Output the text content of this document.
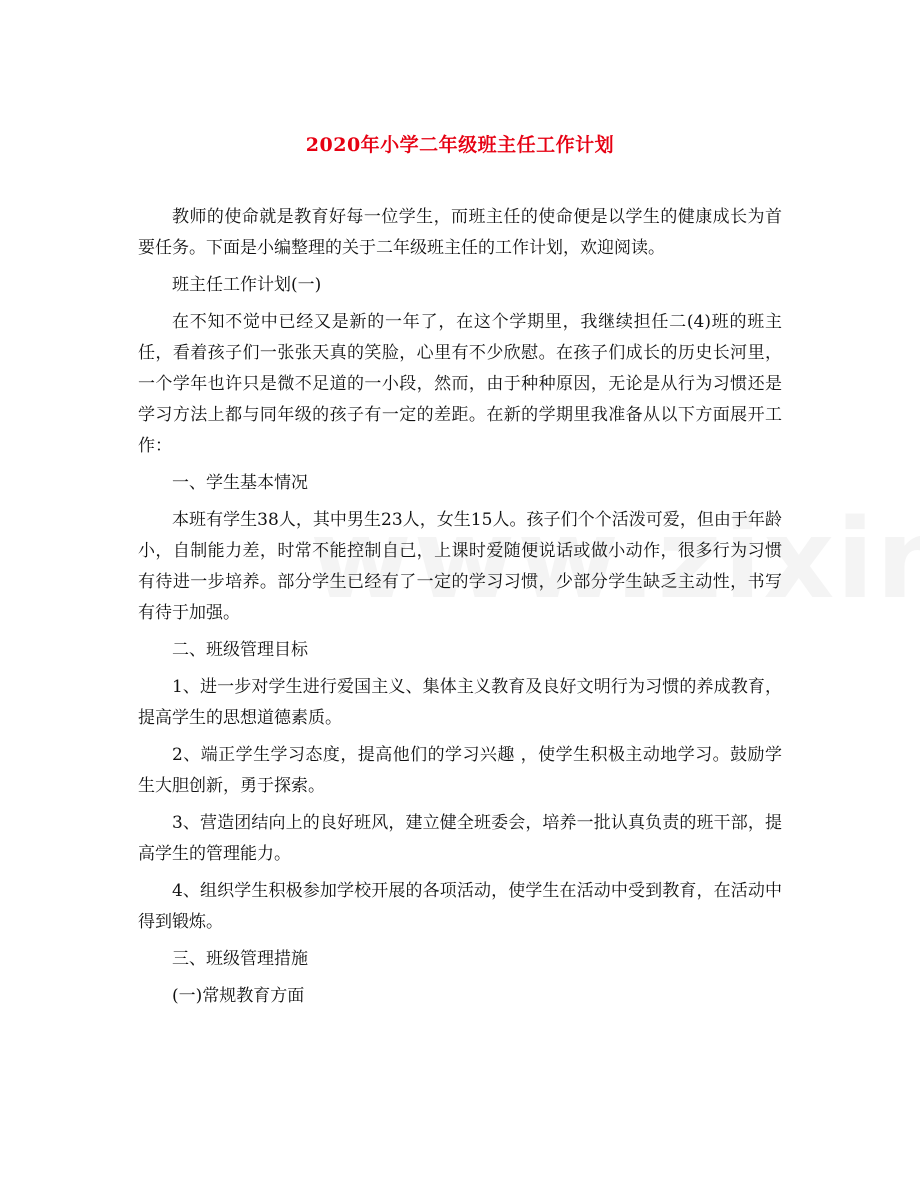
2020年小学二年级班主任工作计划

教师的使命就是教育好每一位学生，而班主任的使命便是以学生的健康成长为首要任务。下面是小编整理的关于二年级班主任的工作计划，欢迎阅读。

班主任工作计划(一)

在不知不觉中已经又是新的一年了，在这个学期里，我继续担任二(4)班的班主任，看着孩子们一张张天真的笑脸，心里有不少欣慰。在孩子们成长的历史长河里，一个学年也许只是微不足道的一小段，然而，由于种种原因，无论是从行为习惯还是学习方法上都与同年级的孩子有一定的差距。在新的学期里我准备从以下方面展开工作：

一、学生基本情况

本班有学生38人，其中男生23人，女生15人。孩子们个个活泼可爱，但由于年龄小，自制能力差，时常不能控制自己，上课时爱随便说话或做小动作，很多行为习惯有待进一步培养。部分学生已经有了一定的学习习惯，少部分学生缺乏主动性，书写有待于加强。

二、班级管理目标

1、进一步对学生进行爱国主义、集体主义教育及良好文明行为习惯的养成教育，提高学生的思想道德素质。

2、端正学生学习态度，提高他们的学习兴趣 ，使学生积极主动地学习。鼓励学生大胆创新，勇于探索。

3、营造团结向上的良好班风，建立健全班委会，培养一批认真负责的班干部，提高学生的管理能力。

4、组织学生积极参加学校开展的各项活动，使学生在活动中受到教育，在活动中得到锻炼。

三、班级管理措施

(一)常规教育方面
